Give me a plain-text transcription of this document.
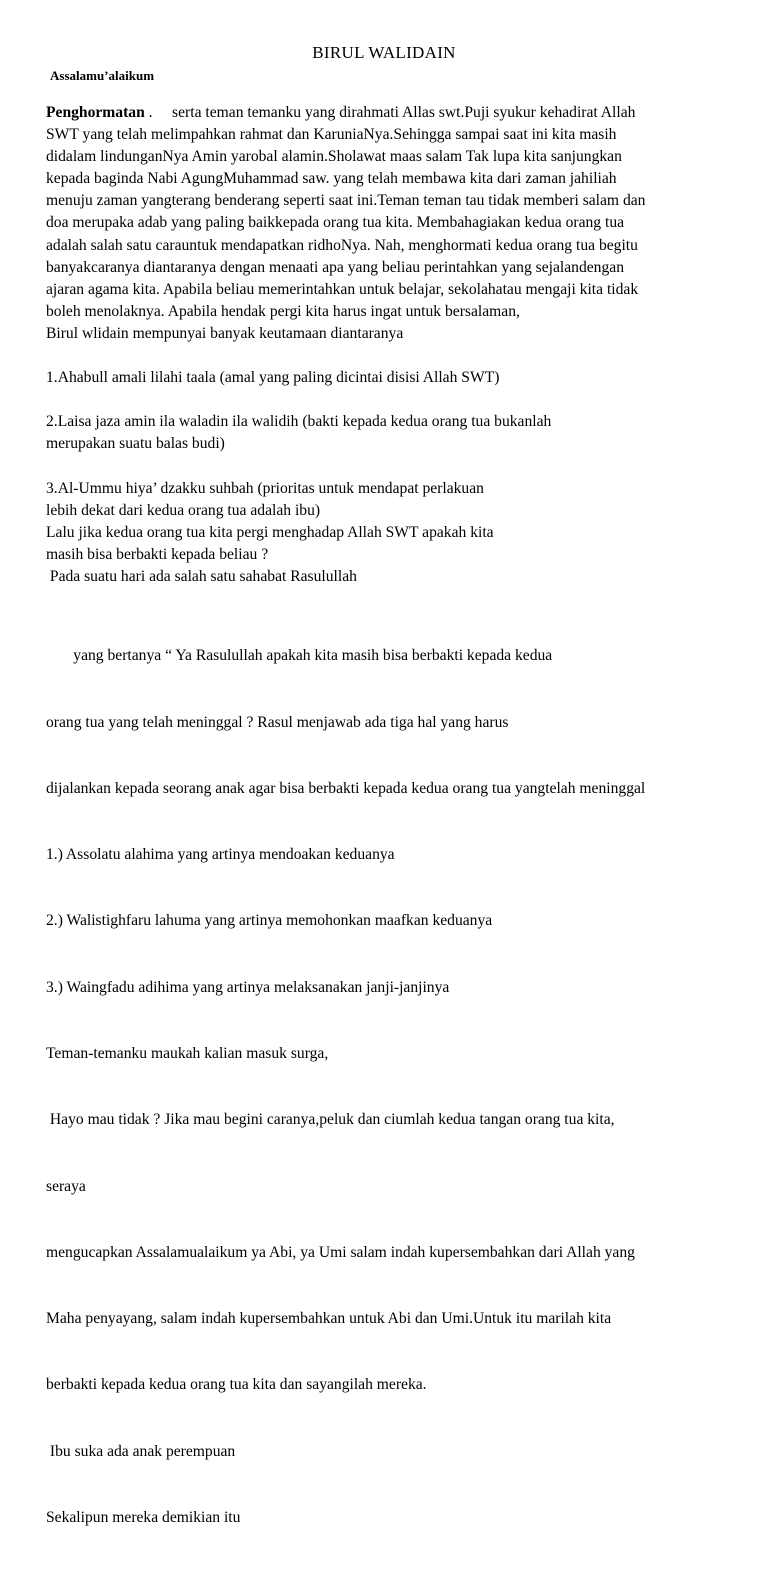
BIRUL WALIDAIN
Assalamu’alaikum
Penghormatan .     serta teman temanku yang dirahmati Allas swt.Puji syukur kehadirat Allah
SWT yang telah melimpahkan rahmat dan KaruniaNya.Sehingga sampai saat ini kita masih
didalam lindunganNya Amin yarobal alamin.Sholawat maas salam Tak lupa kita sanjungkan
kepada baginda Nabi AgungMuhammad saw. yang telah membawa kita dari zaman jahiliah
menuju zaman yangterang benderang seperti saat ini.Teman teman tau tidak memberi salam dan
doa merupaka adab yang paling baikkepada orang tua kita. Membahagiakan kedua orang tua
adalah salah satu carauntuk mendapatkan ridhoNya. Nah, menghormati kedua orang tua begitu
banyakcaranya diantaranya dengan menaati apa yang beliau perintahkan yang sejalandengan
ajaran agama kita. Apabila beliau memerintahkan untuk belajar, sekolahatau mengaji kita tidak
boleh menolaknya. Apabila hendak pergi kita harus ingat untuk bersalaman,
Birul wlidain mempunyai banyak keutamaan diantaranya
1.Ahabull amali lilahi taala (amal yang paling dicintai disisi Allah SWT)
2.Laisa jaza amin ila waladin ila walidih (bakti kepada kedua orang tua bukanlah
merupakan suatu balas budi)
3.Al-Ummu hiya’ dzakku suhbah (prioritas untuk mendapat perlakuan
lebih dekat dari kedua orang tua adalah ibu)
Lalu jika kedua orang tua kita pergi menghadap Allah SWT apakah kita
masih bisa berbakti kepada beliau ?
Pada suatu hari ada salah satu sahabat Rasulullah

yang bertanya “ Ya Rasulullah apakah kita masih bisa berbakti kepada kedua

orang tua yang telah meninggal ? Rasul menjawab ada tiga hal yang harus

dijalankan kepada seorang anak agar bisa berbakti kepada kedua orang tua yangtelah meninggal

1.) Assolatu alahima yang artinya mendoakan keduanya

2.) Walistighfaru lahuma yang artinya memohonkan maafkan keduanya

3.) Waingfadu adihima yang artinya melaksanakan janji-janjinya

Teman-temanku maukah kalian masuk surga,

Hayo mau tidak ? Jika mau begini caranya,peluk dan ciumlah kedua tangan orang tua kita,

seraya

mengucapkan Assalamualaikum ya Abi, ya Umi salam indah kupersembahkan dari Allah yang

Maha penyayang, salam indah kupersembahkan untuk Abi dan Umi.Untuk itu marilah kita

berbakti kepada kedua orang tua kita dan sayangilah mereka.

Ibu suka ada anak perempuan

Sekalipun mereka demikian itu
